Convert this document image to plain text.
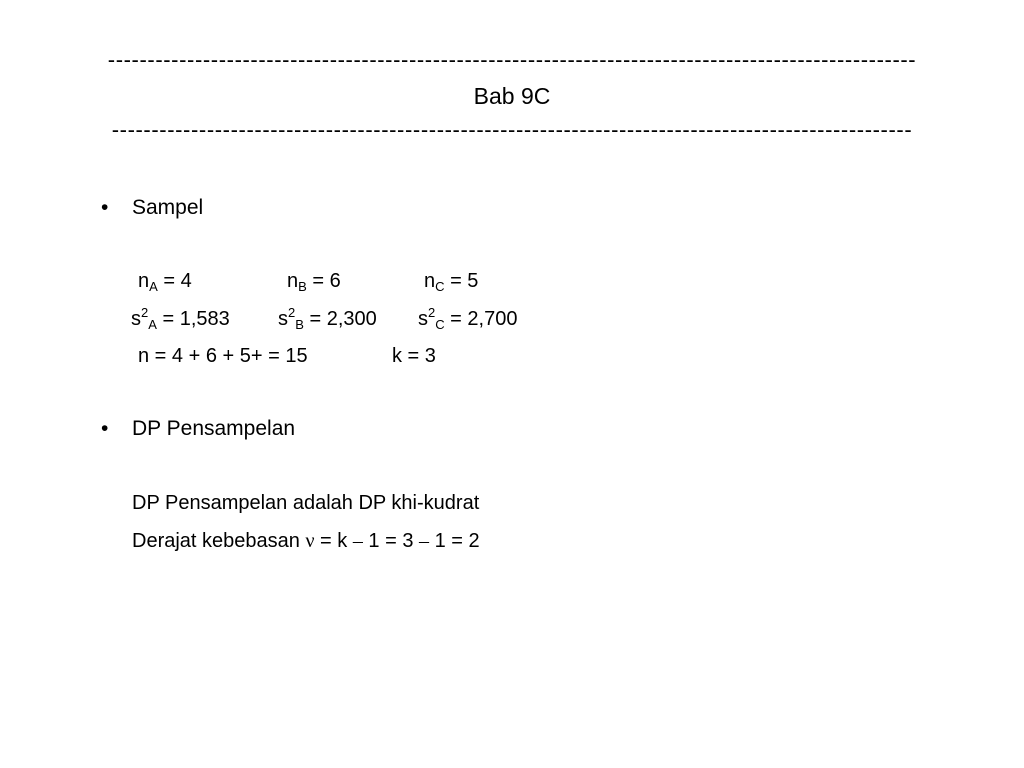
------------------------------------------------------------------------------------------------------
Bab 9C
-----------------------------------------------------------------------------------------------------
• Sampel
$n_A = 4$	$n_B = 6$	$n_C = 5$
$s^2_A = 1,583$ $s^2_B = 2,300$ $s^2_C = 2,700$
n = 4 + 6 + 5+ = 15	k = 3
• DP Pensampelan
DP Pensampelan adalah DP khi-kudrat
Derajat kebebasan ν = k – 1 = 3 – 1 = 2
